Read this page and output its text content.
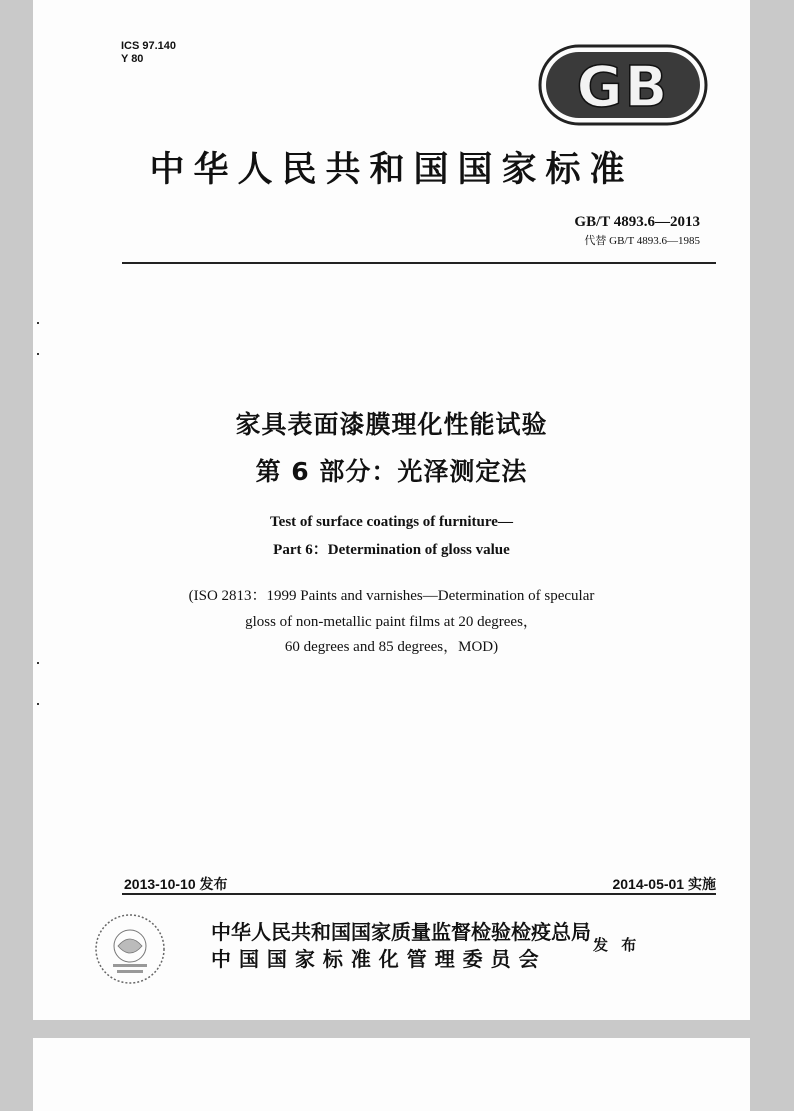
ICS 97.140
Y 80	GB
中华人民共和国国家标准
GB/T 4893.6—2013
代替 GB/T 4893.6—1985
家具表面漆膜理化性能试验
第 6 部分：光泽测定法
Test of surface coatings of furniture—
Part 6：Determination of gloss value
(ISO 2813：1999 Paints and varnishes—Determination of specular
gloss of non-metallic paint films at 20 degrees，
60 degrees and 85 degrees，MOD)
2013-10-10 发布	2014-05-01 实施
中华人民共和国国家质量监督检验检疫总局
中 国 国 家 标 准 化 管 理 委 员 会
发 布
